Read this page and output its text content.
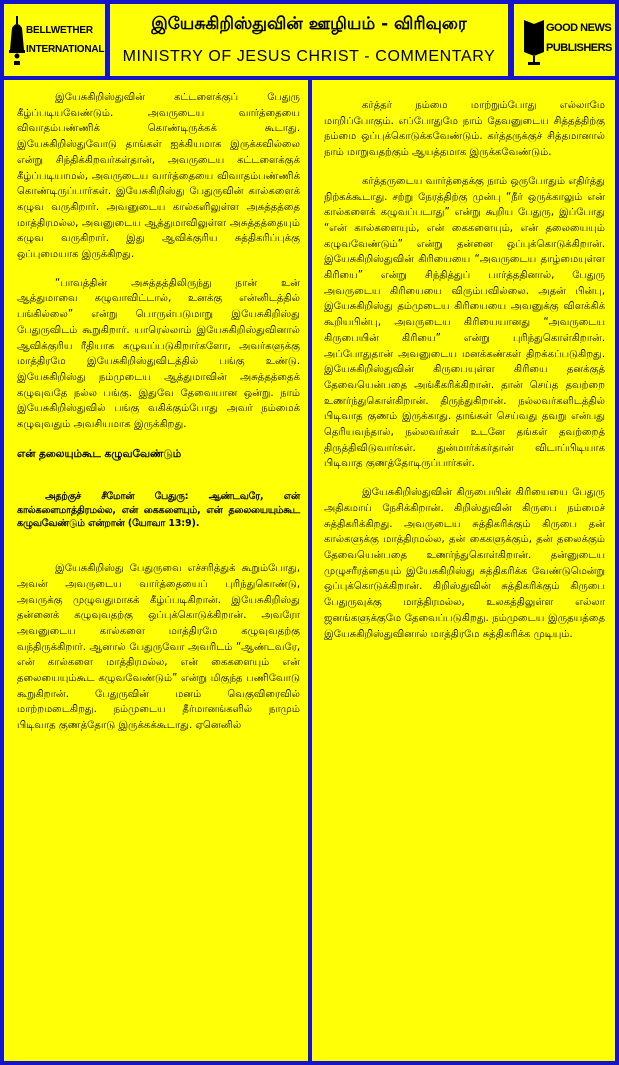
BELLWETHER INTERNATIONAL
இயேசுகிறிஸ்துவின் ஊழியம் - விரிவுரை
MINISTRY OF JESUS CHRIST - COMMENTARY
GOOD NEWS PUBLISHERS

இயேசுகிறிஸ்துவின் கட்டளைக்குப் பேதுரு கீழ்ப்படியவேண்டும். அவருடைய வார்த்தையை விவாதம்பண்ணிக் கொண்டிருக்கக் கூடாது. இயேசுகிறிஸ்துவோடு தாங்கள் ஐக்கியமாக இருக்கவில்லை என்று சிந்திக்கிறவர்கள்தான், அவருடைய கட்டளைக்குக் கீழ்ப்படியாமல், அவருடைய வார்த்தையை விவாதம்பண்ணிக் கொண்டிருப்பார்கள். இயேசுகிறிஸ்து பேதுருவின் கால்களைக் கழுவ வருகிறார். அவனுடைய கால்களிலுள்ள அசுத்தத்தை மாத்திரமல்ல, அவனுடைய ஆத்துமாவிலுள்ள அசுத்தத்தையும் கழுவ வருகிறார். இது ஆவிக்குரிய சுத்திகரிப்புக்கு ஒப்புமையாக இருக்கிறது.

“பாவத்தின் அசுத்தத்திலிருந்து நான் உன் ஆத்துமாவை கழுவாவிட்டால், உனக்கு என்னிடத்தில் பங்கில்லை” என்று பொருள்படுமாறு இயேசுகிறிஸ்து பேதுருவிடம் கூறுகிறார். யாரெல்லாம் இயேசுகிறிஸ்துவினால் ஆவிக்குரிய ரீதியாக கழுவப்படுகிறார்களோ, அவர்களுக்கு மாத்திரமே இயேசுகிறிஸ்துவிடத்தில் பங்கு உண்டு. இயேசுகிறிஸ்து நம்முடைய ஆத்துமாவின் அசுத்தத்தைக் கழுவுவதே நல்ல பங்கு. இதுவே தேவையான ஒன்று. நாம் இயேசுகிறிஸ்துவில் பங்கு வகிக்கும்போது அவர் நம்மைக் கழுவுவதும் அவசியமாக இருக்கிறது.

என் தலையும்கூட கழுவவேண்டும்

அதற்குச் சீமோன் பேதுரு: ஆண்டவரே, என் கால்களைமாத்திரமல்ல, என் கைகளையும், என் தலையையும்கூட கழுவவேண்டும் என்றான் (யோவா 13:9).

இயேசுகிறிஸ்து பேதுருவை எச்சரித்துக் கூறும்போது, அவன் அவருடைய வார்த்தையைப் புரிந்துகொண்டு, அவருக்கு முழுவதுமாகக் கீழ்ப்படிகிறான். இயேசுகிறிஸ்து தன்னைக் கழுவுவதற்கு ஒப்புக்கொடுக்கிறான். அவரோ அவனுடைய கால்களை மாத்திரமே கழுவுவதற்கு வந்திருக்கிறார். ஆனால் பேதுருவோ அவரிடம் “ஆண்டவரே, என் கால்களை மாத்திரமல்ல, என் கைகளையும் என் தலையையும்கூட கழுவவேண்டும்” என்று மிகுந்த பணிவோடு கூறுகிறான். பேதுருவின் மனம் வெகுவிரைவில் மாற்றமடைகிறது. நம்முடைய தீர்மானங்களில் நாமும் பிடிவாத குணத்தோடு இருக்கக்கூடாது. ஏனெனில்

கர்த்தர் நம்மை மாற்றும்போது எல்லாமே மாறிப்போகும். எப்போதுமே நாம் தேவனுடைய சித்தத்திற்கு நம்மை ஒப்புக்கொடுக்கவேண்டும். கர்த்தருக்குச் சித்தமானால் நாம் மாறுவதற்கும் ஆயத்தமாக இருக்கவேண்டும்.

கர்த்தருடைய வார்த்தைக்கு நாம் ஒருபோதும் எதிர்த்து நிற்கக்கூடாது. சற்று நேரத்திற்கு முன்பு “நீர் ஒருக்காலும் என் கால்களைக் கழுவப்படாது” என்று கூறிய பேதுரு, இப்போது “என் கால்களையும், என் கைகளையும், என் தலையையும் கழுவவேண்டும்” என்று தன்னை ஒப்புக்கொடுக்கிறான். இயேசுகிறிஸ்துவின் கிரியையை “அவருடைய தாழ்மையுள்ள கிரியை” என்று சிந்தித்துப் பார்த்ததினால், பேதுரு அவருடைய கிரியையை விரும்பவில்லை. அதன் பின்பு, இயேசுகிறிஸ்து தம்முடைய கிரியையை அவனுக்கு விளக்கிக் கூறியபின்பு, அவருடைய கிரியையானது “அவருடைய கிருபையின் கிரியை” என்று புரிந்துகொள்கிறான். அப்போதுதான் அவனுடைய மனக்கண்கள் திறக்கப்படுகிறது. இயேசுகிறிஸ்துவின் கிருபையுள்ள கிரியை தனக்குத் தேவையென்பதை அங்கீகரிக்கிறான். தான் செய்த தவற்றை உணர்ந்துகொள்கிறான். திருந்துகிறான். நல்லவர்களிடத்தில் பிடிவாத குணம் இருக்காது. தாங்கள் செய்வது தவறு என்பது தெரியவந்தால், நல்லவர்கள் உடனே தங்கள் தவற்றைத் திருத்திவிடுவார்கள். துன்மார்க்கர்தான் விடாப்பிடியாக பிடிவாத குணத்தோடிருப்பார்கள்.

இயேசுகிறிஸ்துவின் கிருபையின் கிரியையை பேதுரு அதிகமாய் நேசிக்கிறான். கிறிஸ்துவின் கிருபை நம்மைச் சுத்திகரிக்கிறது. அவருடைய சுத்திகரிக்கும் கிருபை தன் கால்களுக்கு மாத்திரமல்ல, தன் கைகளுக்கும், தன் தலைக்கும் தேவையென்பதை உணர்ந்துகொள்கிறான். தன்னுடைய முழுசரீரத்தையும் இயேசுகிறிஸ்து சுத்திகரிக்க வேண்டுமென்று ஒப்புக்கொடுக்கிறான். கிறிஸ்துவின் சுத்திகரிக்கும் கிருபை பேதுருவுக்கு மாத்திரமல்ல, உலகத்திலுள்ள எல்லா ஜனங்களுக்குமே தேவைப்படுகிறது. நம்முடைய இருதயத்தை இயேசுகிறிஸ்துவினால் மாத்திரமே சுத்திகரிக்க முடியும்.
